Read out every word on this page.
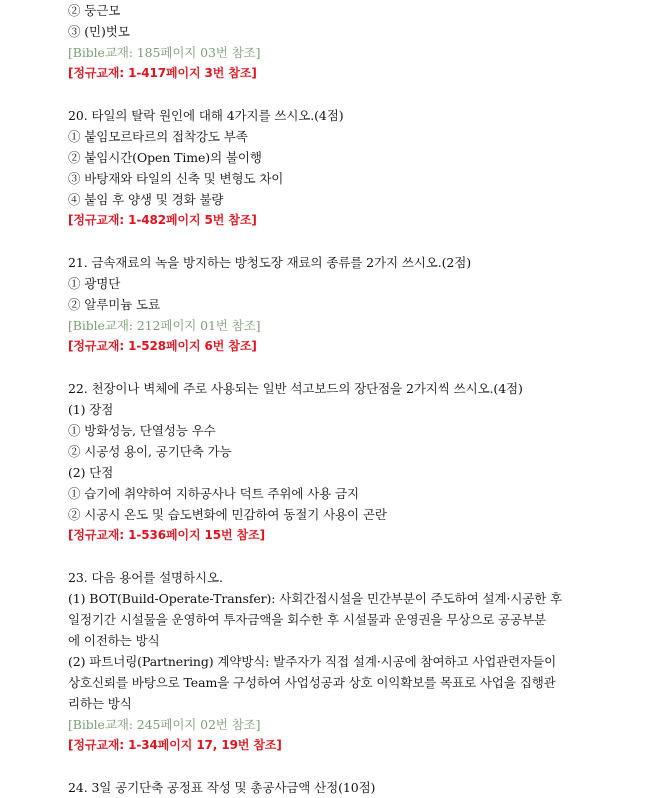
② 둥근모
③ (민)벗모
[Bible교재: 185페이지 03번 참조]
[정규교재: 1-417페이지 3번 참조]
20. 타일의 탈락 원인에 대해 4가지를 쓰시오.(4점)
① 붙임모르타르의 접착강도 부족
② 붙임시간(Open Time)의 불이행
③ 바탕재와 타일의 신축 및 변형도 차이
④ 붙임 후 양생 및 경화 불량
[정규교재: 1-482페이지 5번 참조]
21. 금속재료의 녹을 방지하는 방청도장 재료의 종류를 2가지 쓰시오.(2점)
① 광명단
② 알루미늄 도료
[Bible교재: 212페이지 01번 참조]
[정규교재: 1-528페이지 6번 참조]
22. 천장이나 벽체에 주로 사용되는 일반 석고보드의 장단점을 2가지씩 쓰시오.(4점)
(1) 장점
① 방화성능, 단열성능 우수
② 시공성 용이, 공기단축 가능
(2) 단점
① 습기에 취약하여 지하공사나 덕트 주위에 사용 금지
② 시공시 온도 및 습도변화에 민감하여 동절기 사용이 곤란
[정규교재: 1-536페이지 15번 참조]
23. 다음 용어를 설명하시오.
(1) BOT(Build-Operate-Transfer): 사회간접시설을 민간부분이 주도하여 설계·시공한 후
일정기간 시설물을 운영하여 투자금액을 회수한 후 시설물과 운영권을 무상으로 공공부분
에 이전하는 방식
(2) 파트너링(Partnering) 계약방식: 발주자가 직접 설계·시공에 참여하고 사업관련자들이
상호신뢰를 바탕으로 Team을 구성하여 사업성공과 상호 이익확보를 목표로 사업을 집행관
리하는 방식
[Bible교재: 245페이지 02번 참조]
[정규교재: 1-34페이지 17, 19번 참조]
24. 3일 공기단축 공정표 작성 및 총공사금액 산정(10점)
